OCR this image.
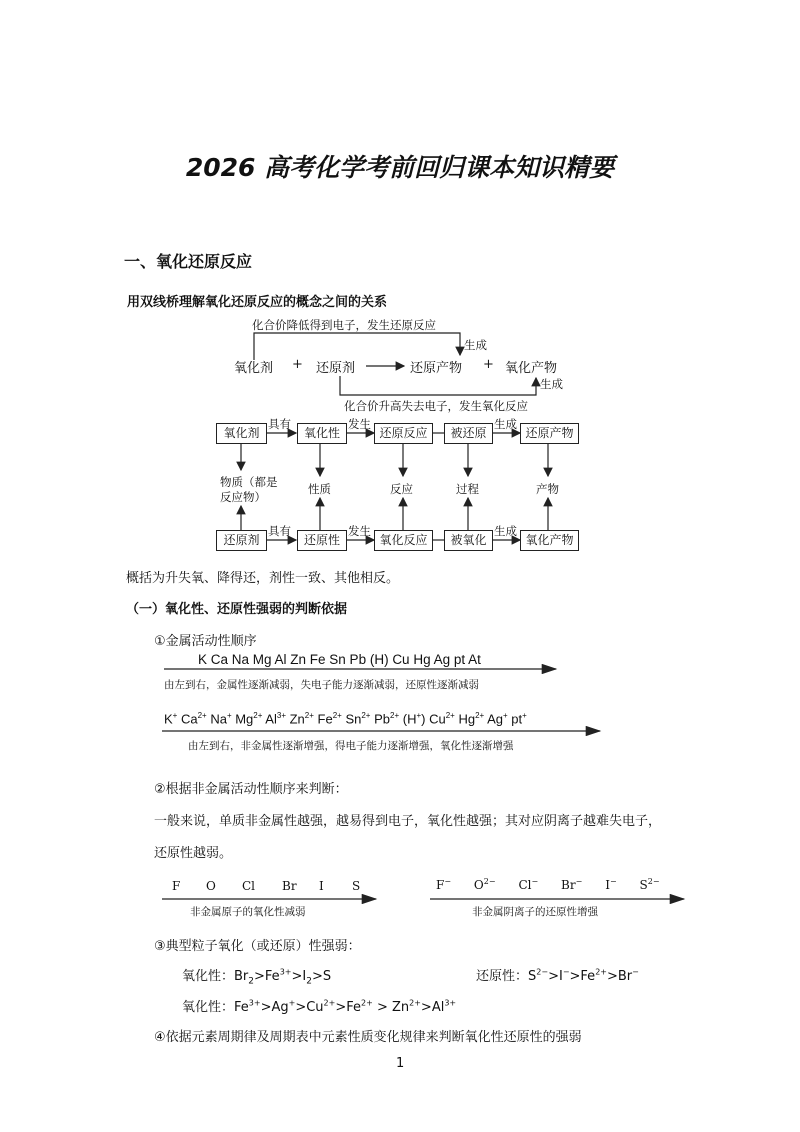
2026 高考化学考前回归课本知识精要
一、氧化还原反应
用双线桥理解氧化还原反应的概念之间的关系
化合价降低得到电子，发生还原反应
生成
氧化剂 + 还原剂	还原产物 + 氧化产物
生成
化合价升高失去电子，发生氧化反应
氧化剂	氧化性	还原反应	被还原	还原产物
具有	发生	生成
物质（都是
反应物）
性质	反应	过程	产物
还原剂	还原性	氧化反应	被氧化	氧化产物
具有	发生	生成
概括为升失氧、降得还，剂性一致、其他相反。
（一）氧化性、还原性强弱的判断依据
①金属活动性顺序
K Ca Na Mg Al Zn Fe Sn Pb (H) Cu Hg Ag pt At
由左到右，金属性逐渐减弱，失电子能力逐渐减弱，还原性逐渐减弱
K+ $Ca^{2+}$ Na+ $Mg^{2+}$ $Al^{3+}$ $Zn^{2+}$ $Fe^{2+}$ $Sn^{2+}$ $Pb^{2+}$ (H+) $Cu^{2+}$ $Hg^{2+}$ Ag+ pt+
由左到右，非金属性逐渐增强，得电子能力逐渐增强，氧化性逐渐增强
②根据非金属活动性顺序来判断：
一般来说，单质非金属性越强，越易得到电子，氧化性越强；其对应阴离子越难失电子，
还原性越弱。
F O Cl Br I S
非金属原子的氧化性减弱
F−      $O^{2-}$      Cl−      Br−      I−      $S^{2-}$
非金属阴离子的还原性增强
③典型粒子氧化（或还原）性强弱：
氧化性：$Br_2>Fe^{3+}>I_2>S$	还原性：$S^{2-}>I^->Fe^{2+}>Br^-$
氧化性：$Fe^{3+}>Ag^+>Cu^{2+}>Fe^{2+} > Zn^{2+}>Al^{3+}$
④依据元素周期律及周期表中元素性质变化规律来判断氧化性还原性的强弱
1
